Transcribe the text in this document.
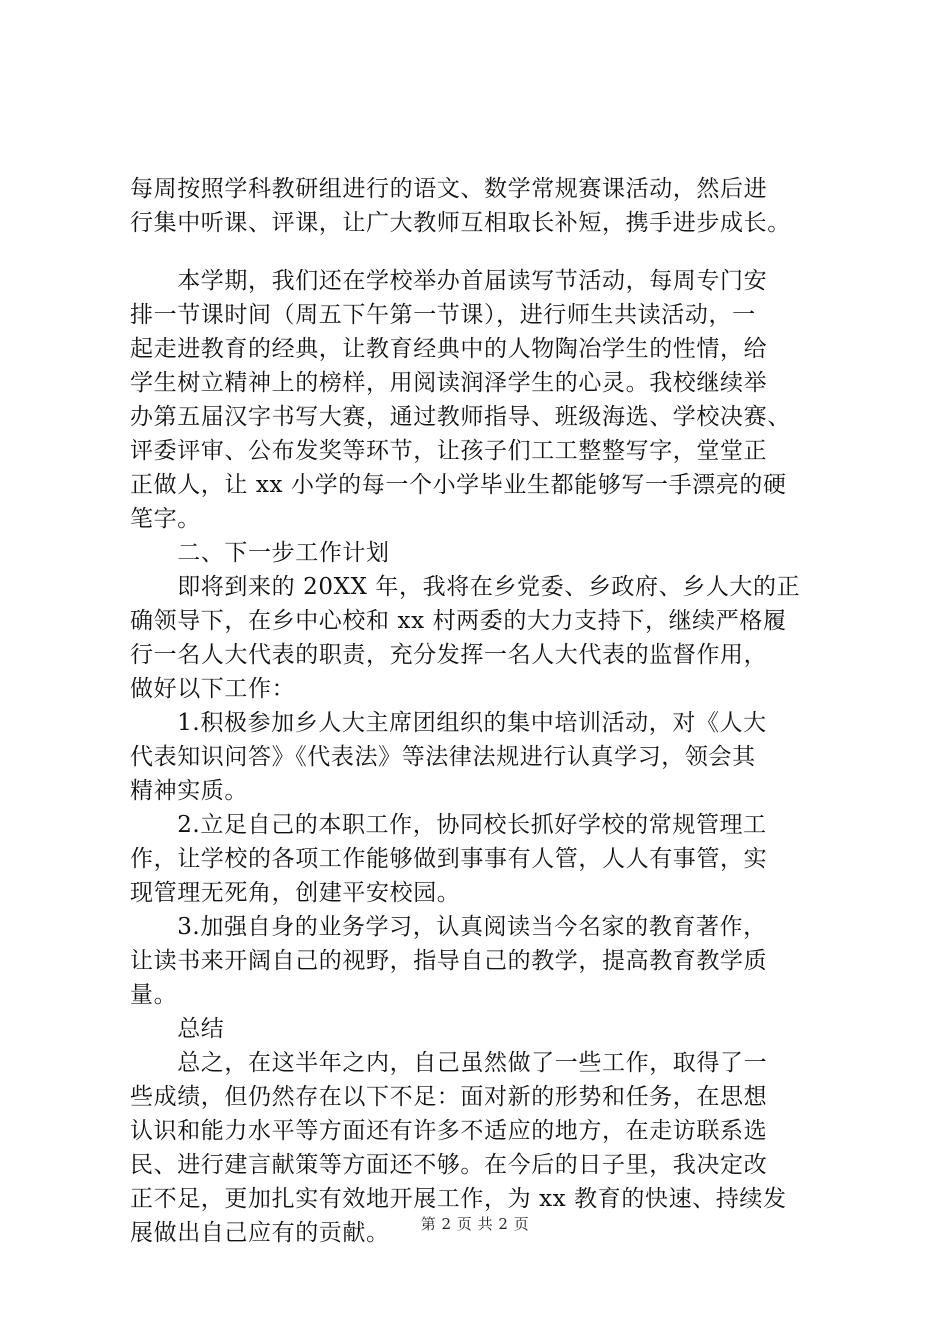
每周按照学科教研组进行的语文、数学常规赛课活动，然后进
行集中听课、评课，让广大教师互相取长补短，携手进步成长。
　　本学期，我们还在学校举办首届读写节活动，每周专门安
排一节课时间（周五下午第一节课），进行师生共读活动，一
起走进教育的经典，让教育经典中的人物陶冶学生的性情，给
学生树立精神上的榜样，用阅读润泽学生的心灵。我校继续举
办第五届汉字书写大赛，通过教师指导、班级海选、学校决赛、
评委评审、公布发奖等环节，让孩子们工工整整写字，堂堂正
正做人，让 xx 小学的每一个小学毕业生都能够写一手漂亮的硬
笔字。
　　二、下一步工作计划
　　即将到来的 20XX 年，我将在乡党委、乡政府、乡人大的正
确领导下，在乡中心校和 xx 村两委的大力支持下，继续严格履
行一名人大代表的职责，充分发挥一名人大代表的监督作用，
做好以下工作：
　　1.积极参加乡人大主席团组织的集中培训活动，对《人大
代表知识问答》《代表法》等法律法规进行认真学习，领会其
精神实质。
　　2.立足自己的本职工作，协同校长抓好学校的常规管理工
作，让学校的各项工作能够做到事事有人管，人人有事管，实
现管理无死角，创建平安校园。
　　3.加强自身的业务学习，认真阅读当今名家的教育著作，
让读书来开阔自己的视野，指导自己的教学，提高教育教学质
量。
　　总结
　　总之，在这半年之内，自己虽然做了一些工作，取得了一
些成绩，但仍然存在以下不足：面对新的形势和任务，在思想
认识和能力水平等方面还有许多不适应的地方，在走访联系选
民、进行建言献策等方面还不够。在今后的日子里，我决定改
正不足，更加扎实有效地开展工作，为 xx 教育的快速、持续发
展做出自己应有的贡献。	第 2 页 共 2 页
